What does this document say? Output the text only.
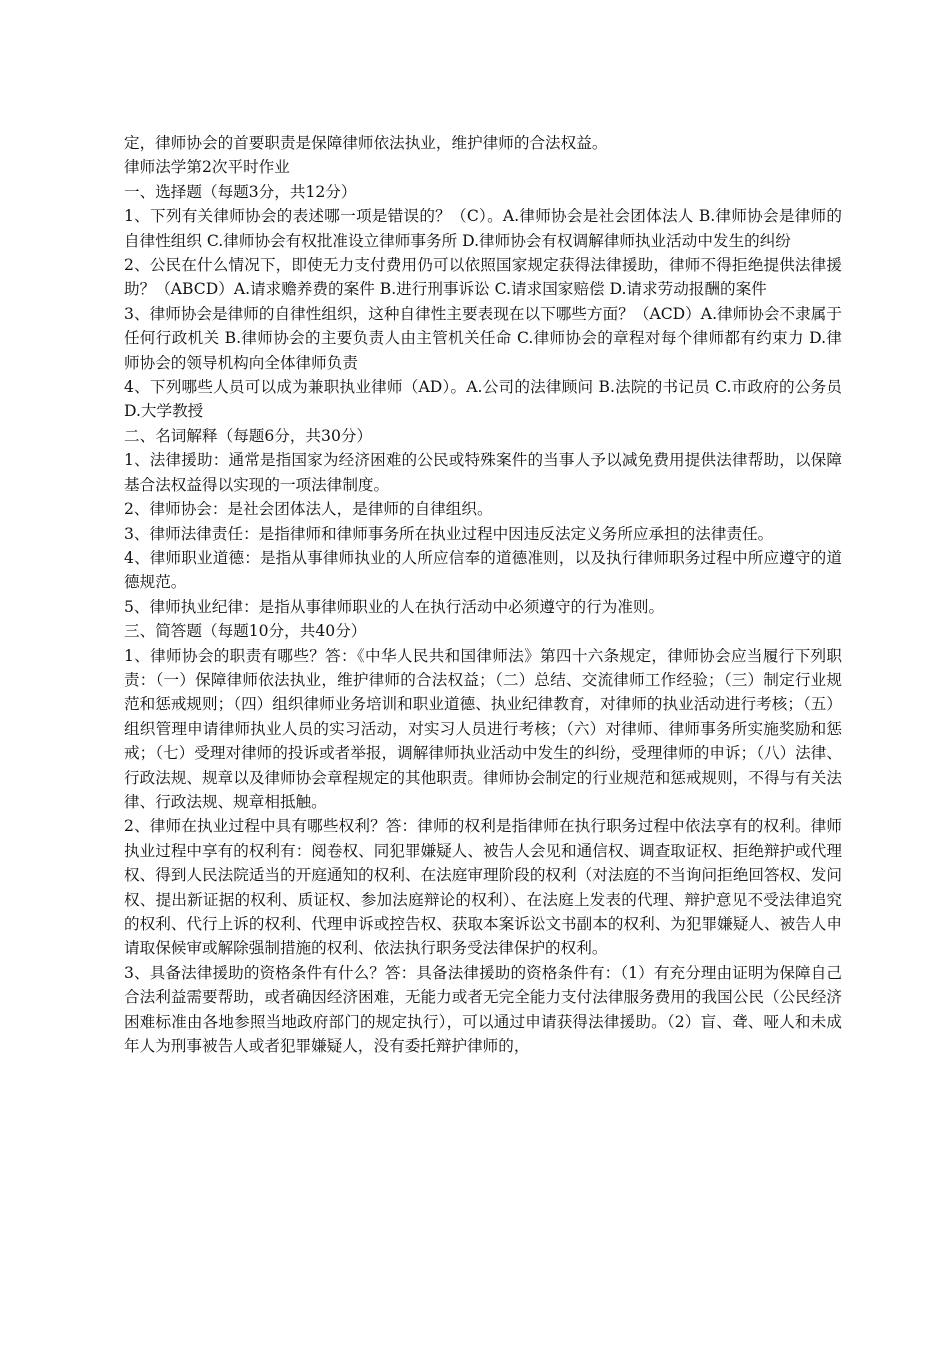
定，律师协会的首要职责是保障律师依法执业，维护律师的合法权益。

律师法学第2次平时作业

一、选择题（每题3分，共12分）

1、下列有关律师协会的表述哪一项是错误的？（C）。A.律师协会是社会团体法人 B.律师协会是律师的自律性组织 C.律师协会有权批准设立律师事务所 D.律师协会有权调解律师执业活动中发生的纠纷

2、公民在什么情况下，即使无力支付费用仍可以依照国家规定获得法律援助，律师不得拒绝提供法律援助？（ABCD）A.请求赡养费的案件 B.进行刑事诉讼 C.请求国家赔偿 D.请求劳动报酬的案件

3、律师协会是律师的自律性组织，这种自律性主要表现在以下哪些方面？（ACD）A.律师协会不隶属于任何行政机关 B.律师协会的主要负责人由主管机关任命 C.律师协会的章程对每个律师都有约束力 D.律师协会的领导机构向全体律师负责

4、下列哪些人员可以成为兼职执业律师（AD）。A.公司的法律顾问 B.法院的书记员 C.市政府的公务员 D.大学教授

二、名词解释（每题6分，共30分）

1、法律援助：通常是指国家为经济困难的公民或特殊案件的当事人予以减免费用提供法律帮助，以保障基合法权益得以实现的一项法律制度。

2、律师协会：是社会团体法人，是律师的自律组织。

3、律师法律责任：是指律师和律师事务所在执业过程中因违反法定义务所应承担的法律责任。

4、律师职业道德：是指从事律师执业的人所应信奉的道德准则，以及执行律师职务过程中所应遵守的道德规范。

5、律师执业纪律：是指从事律师职业的人在执行活动中必须遵守的行为准则。

三、简答题（每题10分，共40分）

1、律师协会的职责有哪些？答：《中华人民共和国律师法》第四十六条规定，律师协会应当履行下列职责：（一）保障律师依法执业，维护律师的合法权益；（二）总结、交流律师工作经验；（三）制定行业规范和惩戒规则；（四）组织律师业务培训和职业道德、执业纪律教育，对律师的执业活动进行考核；（五）组织管理申请律师执业人员的实习活动，对实习人员进行考核；（六）对律师、律师事务所实施奖励和惩戒；（七）受理对律师的投诉或者举报，调解律师执业活动中发生的纠纷，受理律师的申诉；（八）法律、行政法规、规章以及律师协会章程规定的其他职责。律师协会制定的行业规范和惩戒规则，不得与有关法律、行政法规、规章相抵触。

2、律师在执业过程中具有哪些权利？答：律师的权利是指律师在执行职务过程中依法享有的权利。律师执业过程中享有的权利有：阅卷权、同犯罪嫌疑人、被告人会见和通信权、调查取证权、拒绝辩护或代理权、得到人民法院适当的开庭通知的权利、在法庭审理阶段的权利（对法庭的不当询问拒绝回答权、发问权、提出新证据的权利、质证权、参加法庭辩论的权利）、在法庭上发表的代理、辩护意见不受法律追究的权利、代行上诉的权利、代理申诉或控告权、获取本案诉讼文书副本的权利、为犯罪嫌疑人、被告人申请取保候审或解除强制措施的权利、依法执行职务受法律保护的权利。

3、具备法律援助的资格条件有什么？答：具备法律援助的资格条件有：（1）有充分理由证明为保障自己合法利益需要帮助，或者确因经济困难，无能力或者无完全能力支付法律服务费用的我国公民（公民经济困难标准由各地参照当地政府部门的规定执行），可以通过申请获得法律援助。（2）盲、聋、哑人和未成年人为刑事被告人或者犯罪嫌疑人，没有委托辩护律师的，
